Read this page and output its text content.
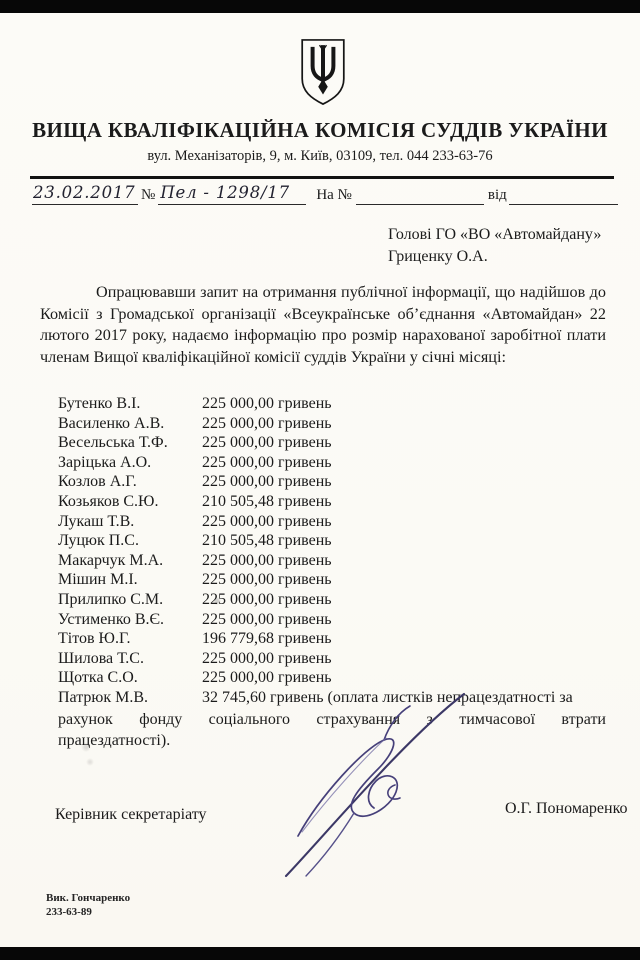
ВИЩА КВАЛІФІКАЦІЙНА КОМІСІЯ СУДДІВ УКРАЇНИ
вул. Механізаторів, 9, м. Київ, 03109, тел. 044 233-63-76
23.02.2017 № Пел - 1298/17	На №	від
Голові ГО «ВО «Автомайдану»
Гриценку О.А.
Опрацювавши запит на отримання публічної інформації, що надійшов до Комісії з Громадської організації «Всеукраїнське об’єднання «Автомайдан» 22 лютого 2017 року, надаємо інформацію про розмір нарахованої заробітної плати членам Вищої кваліфікаційної комісії суддів України у січні місяці:
Бутенко В.І.	225 000,00 гривень
Василенко А.В.	225 000,00 гривень
Весельська Т.Ф.	225 000,00 гривень
Заріцька А.О.	225 000,00 гривень
Козлов А.Г.	225 000,00 гривень
Козьяков С.Ю.	210 505,48 гривень
Лукаш Т.В.	225 000,00 гривень
Луцюк П.С.	210 505,48 гривень
Макарчук М.А.	225 000,00 гривень
Мішин М.І.	225 000,00 гривень
Прилипко С.М.	225 000,00 гривень
Устименко В.Є.	225 000,00 гривень
Тітов Ю.Г.	196 779,68 гривень
Шилова Т.С.	225 000,00 гривень
Щотка С.О.	225 000,00 гривень
Патрюк М.В.	32 745,60 гривень (оплата листків непрацездатності за
рахунок фонду соціального страхування з тимчасової втрати
працездатності).
Керівник секретаріату	О.Г. Пономаренко
Вик. Гончаренко
233-63-89
